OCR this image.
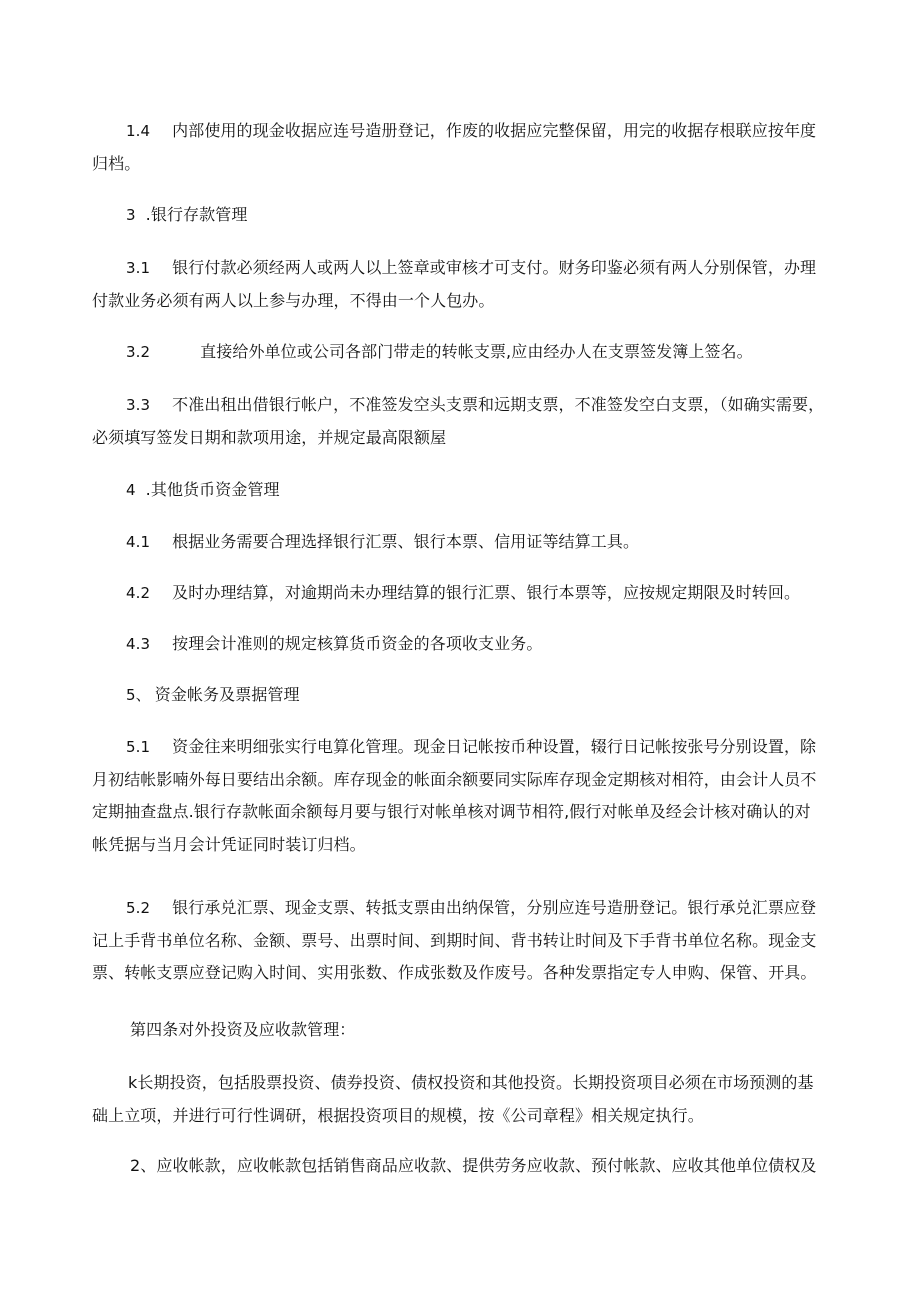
1.4 内部使用的现金收据应连号造册登记，作废的收据应完整保留，用完的收据存根联应按年度
归档。
3 .银行存款管理
3.1 银行付款必须经两人或两人以上签章或审核才可支付。财务印鉴必须有两人分别保管，办理
付款业务必须有两人以上参与办理，不得由一个人包办。
3.2	直接给外单位或公司各部门带走的转帐支票,应由经办人在支票签发簿上签名。
3.3 不准出租出借银行帐户，不准签发空头支票和远期支票，不准签发空白支票，（如确实需要，
必须填写签发日期和款项用途，并规定最高限额屋
4 .其他货币资金管理
4.1 根据业务需要合理选择银行汇票、银行本票、信用证等结算工具。
4.2 及时办理结算，对逾期尚未办理结算的银行汇票、银行本票等，应按规定期限及时转回。
4.3 按理会计准则的规定核算货币资金的各项收支业务。
5、 资金帐务及票据管理
5.1 资金往来明细张实行电算化管理。现金日记帐按币种设置，辍行日记帐按张号分别设置，除
月初结帐影喃外每日要结出余额。库存现金的帐面余额要同实际库存现金定期核对相符，由会计人员不
定期抽查盘点.银行存款帐面余额每月要与银行对帐单核对调节相符,假行对帐单及经会计核对确认的对
帐凭据与当月会计凭证同时装订归档。
5.2 银行承兑汇票、现金支票、转抵支票由出纳保管，分别应连号造册登记。银行承兑汇票应登
记上手背书单位名称、金额、票号、出票时间、到期时间、背书转让时间及下手背书单位名称。现金支
票、转帐支票应登记购入时间、实用张数、作成张数及作废号。各种发票指定专人申购、保管、开具。
第四条对外投资及应收款管理：
k长期投资，包括股票投资、债券投资、债权投资和其他投资。长期投资项目必须在市场预测的基
础上立项，并进行可行性调研，根据投资项目的规模，按《公司章程》相关规定执行。
2、应收帐款，应收帐款包括销售商品应收款、提供劳务应收款、预付帐款、应收其他单位债权及
